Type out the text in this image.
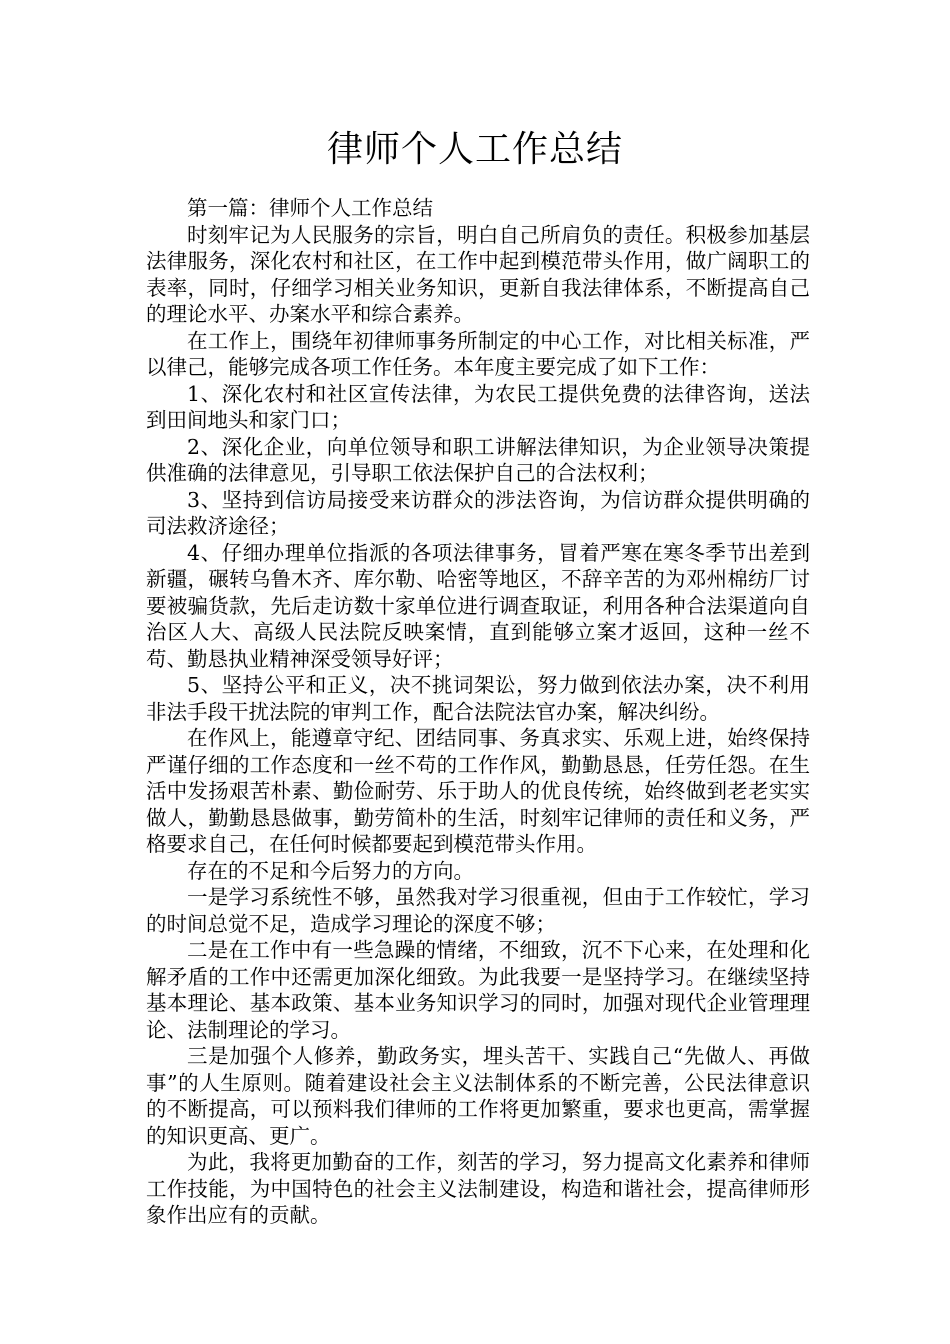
律师个人工作总结

第一篇：律师个人工作总结

时刻牢记为人民服务的宗旨，明白自己所肩负的责任。积极参加基层法律服务，深化农村和社区，在工作中起到模范带头作用，做广阔职工的表率，同时，仔细学习相关业务知识，更新自我法律体系，不断提高自己的理论水平、办案水平和综合素养。

在工作上，围绕年初律师事务所制定的中心工作，对比相关标准，严以律己，能够完成各项工作任务。本年度主要完成了如下工作：

1、深化农村和社区宣传法律，为农民工提供免费的法律咨询，送法到田间地头和家门口；

2、深化企业，向单位领导和职工讲解法律知识，为企业领导决策提供准确的法律意见，引导职工依法保护自己的合法权利；

3、坚持到信访局接受来访群众的涉法咨询，为信访群众提供明确的司法救济途径；

4、仔细办理单位指派的各项法律事务，冒着严寒在寒冬季节出差到新疆，碾转乌鲁木齐、库尔勒、哈密等地区，不辞辛苦的为邓州棉纺厂讨要被骗货款，先后走访数十家单位进行调查取证，利用各种合法渠道向自治区人大、高级人民法院反映案情，直到能够立案才返回，这种一丝不苟、勤恳执业精神深受领导好评；

5、坚持公平和正义，决不挑词架讼，努力做到依法办案，决不利用非法手段干扰法院的审判工作，配合法院法官办案，解决纠纷。

在作风上，能遵章守纪、团结同事、务真求实、乐观上进，始终保持严谨仔细的工作态度和一丝不苟的工作作风，勤勤恳恳，任劳任怨。在生活中发扬艰苦朴素、勤俭耐劳、乐于助人的优良传统，始终做到老老实实做人，勤勤恳恳做事，勤劳简朴的生活，时刻牢记律师的责任和义务，严格要求自己，在任何时候都要起到模范带头作用。

存在的不足和今后努力的方向。

一是学习系统性不够，虽然我对学习很重视，但由于工作较忙，学习的时间总觉不足，造成学习理论的深度不够；

二是在工作中有一些急躁的情绪，不细致，沉不下心来，在处理和化解矛盾的工作中还需更加深化细致。为此我要一是坚持学习。在继续坚持基本理论、基本政策、基本业务知识学习的同时，加强对现代企业管理理论、法制理论的学习。

三是加强个人修养，勤政务实，埋头苦干、实践自己“先做人、再做事”的人生原则。随着建设社会主义法制体系的不断完善，公民法律意识的不断提高，可以预料我们律师的工作将更加繁重，要求也更高，需掌握的知识更高、更广。

为此，我将更加勤奋的工作，刻苦的学习，努力提高文化素养和律师工作技能，为中国特色的社会主义法制建设，构造和谐社会，提高律师形象作出应有的贡献。
